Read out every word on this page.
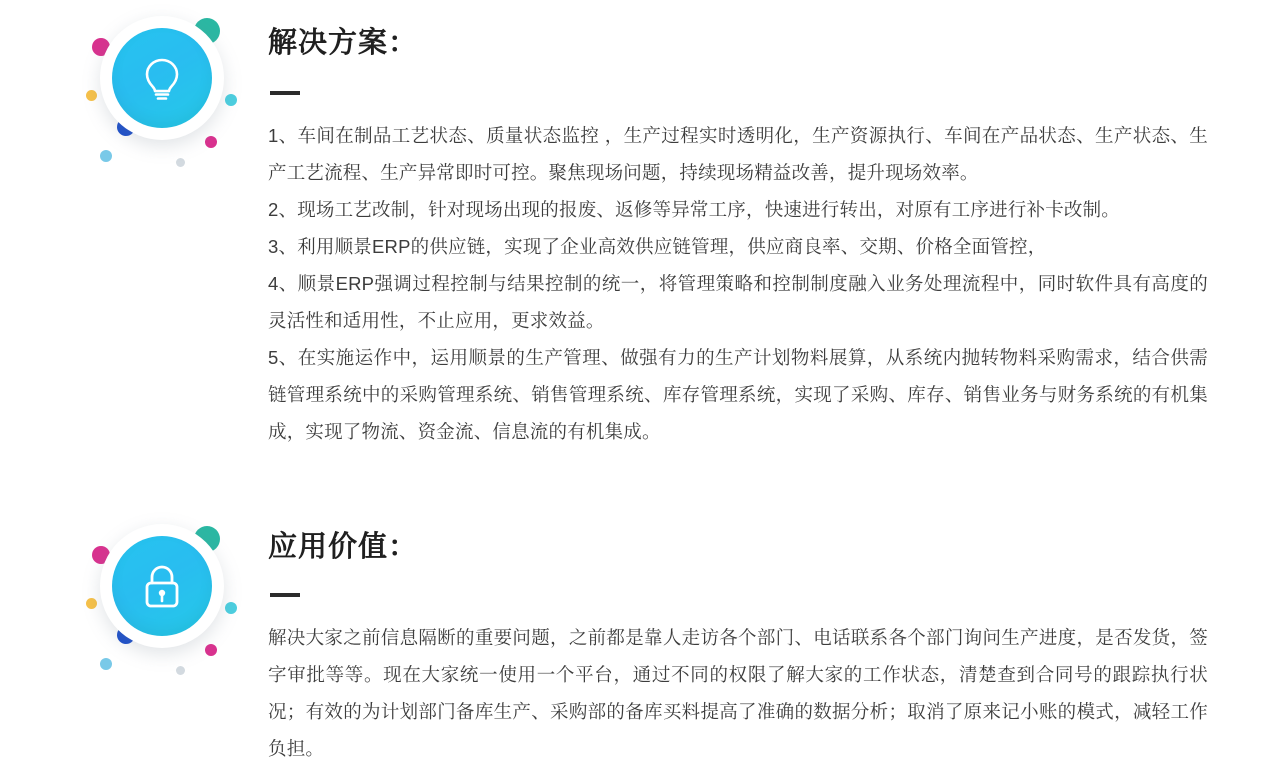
解决方案：

1、车间在制品工艺状态、质量状态监控 ，生产过程实时透明化，生产资源执行、车间在产品状态、生产状态、生产工艺流程、生产异常即时可控。聚焦现场问题，持续现场精益改善，提升现场效率。

2、现场工艺改制，针对现场出现的报废、返修等异常工序，快速进行转出，对原有工序进行补卡改制。

3、利用顺景ERP的供应链，实现了企业高效供应链管理，供应商良率、交期、价格全面管控，

4、顺景ERP强调过程控制与结果控制的统一，将管理策略和控制制度融入业务处理流程中，同时软件具有高度的灵活性和适用性，不止应用，更求效益。

5、在实施运作中，运用顺景的生产管理、做强有力的生产计划物料展算，从系统内抛转物料采购需求，结合供需链管理系统中的采购管理系统、销售管理系统、库存管理系统，实现了采购、库存、销售业务与财务系统的有机集成，实现了物流、资金流、信息流的有机集成。

应用价值：

解决大家之前信息隔断的重要问题，之前都是靠人走访各个部门、电话联系各个部门询问生产进度，是否发货，签字审批等等。现在大家统一使用一个平台，通过不同的权限了解大家的工作状态，清楚查到合同号的跟踪执行状况；有效的为计划部门备库生产、采购部的备库买料提高了准确的数据分析；取消了原来记小账的模式，减轻工作负担。
